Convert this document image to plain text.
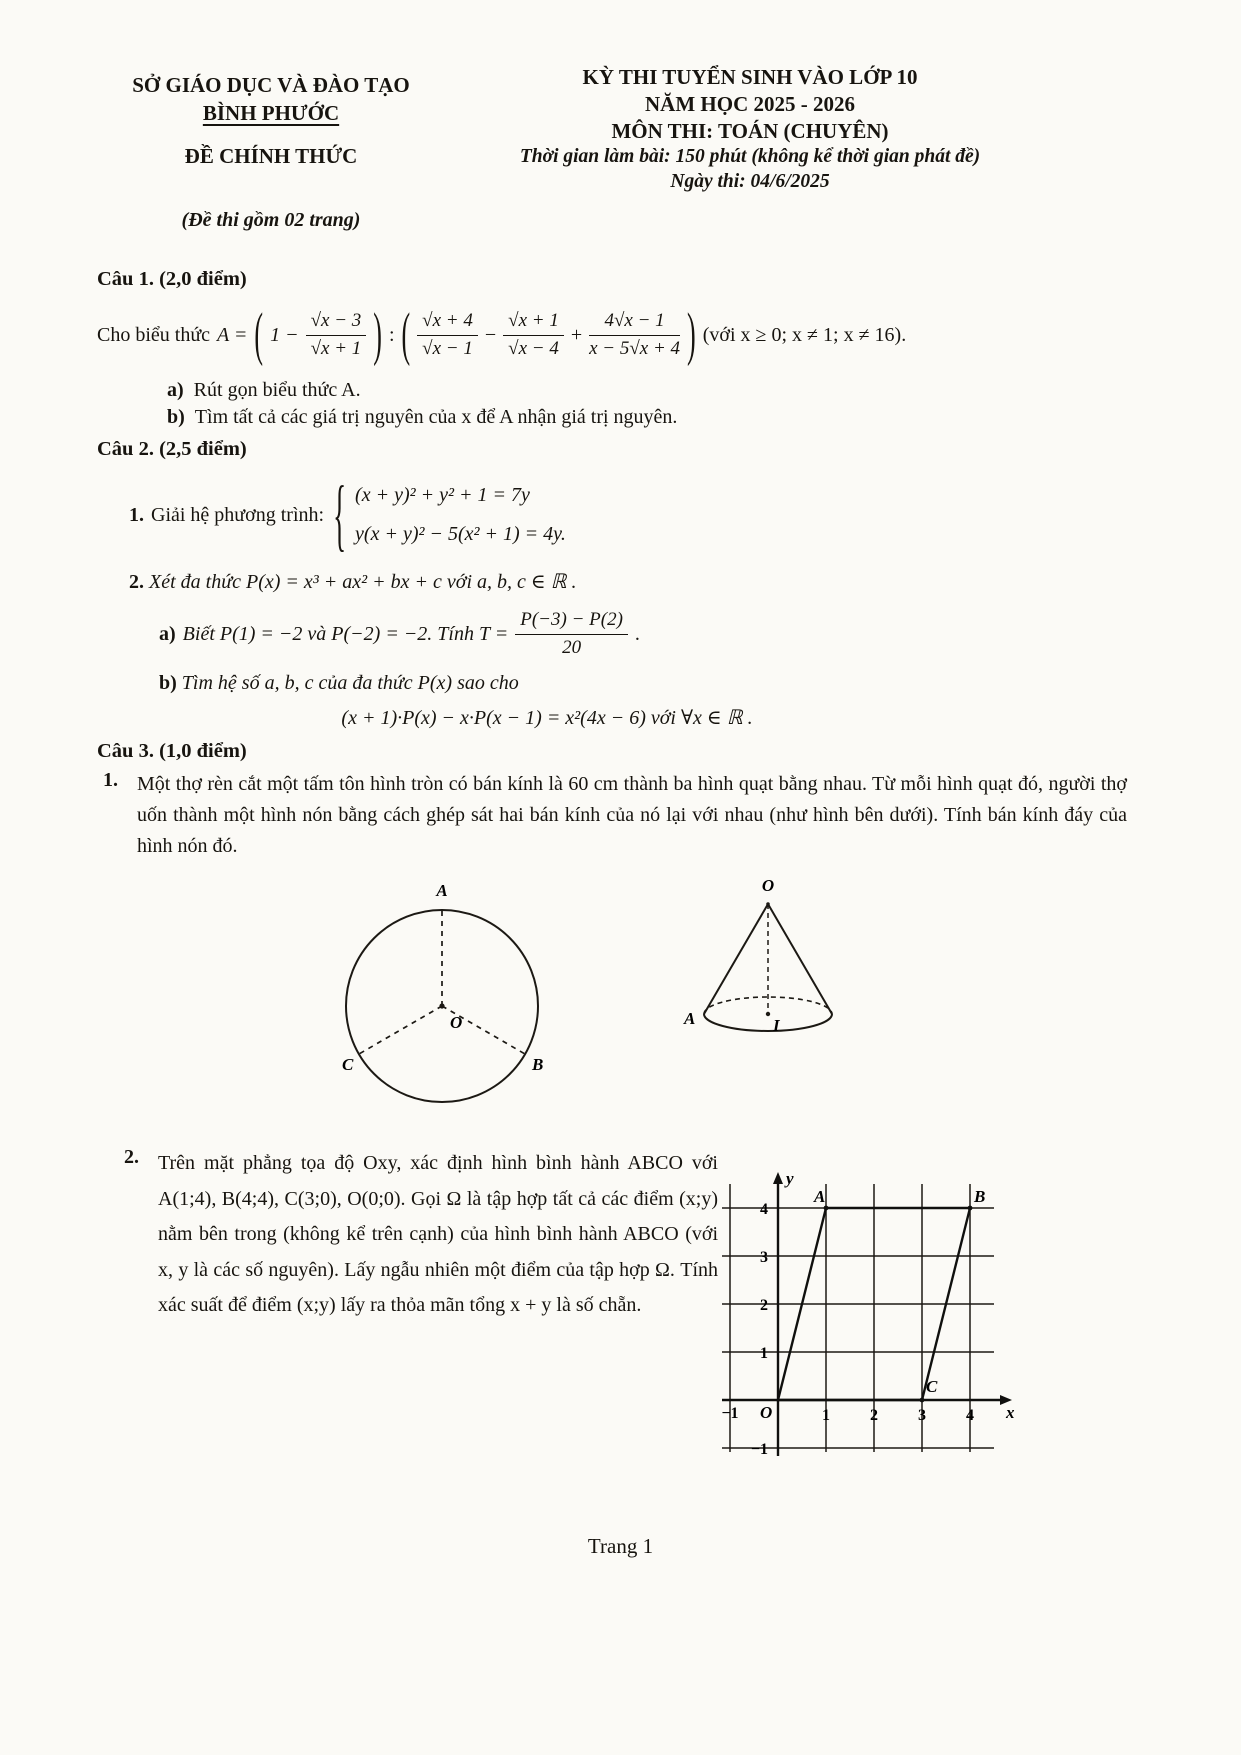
SỞ GIÁO DỤC VÀ ĐÀO TẠO
BÌNH PHƯỚC
ĐỀ CHÍNH THỨC
(Đề thi gồm 02 trang)
KỲ THI TUYỂN SINH VÀO LỚP 10
NĂM HỌC 2025 - 2026
MÔN THI: TOÁN (CHUYÊN)
Thời gian làm bài: 150 phút (không kể thời gian phát đề)
Ngày thi: 04/6/2025
Câu 1. (2,0 điểm)
Cho biểu thức A = ( $1 - \frac{√x - 3}{√x + 1}$ ) : ( $\frac{√x + 4}{√x - 1} - \frac{√x + 1}{√x - 4} + \frac{4√x - 1}{x - 5√x + 4}$ ) (với x ≥ 0; x ≠ 1; x ≠ 16).
a) Rút gọn biểu thức A.
b) Tìm tất cả các giá trị nguyên của x để A nhận giá trị nguyên.
Câu 2. (2,5 điểm)
1. Giải hệ phương trình: { (x + y)² + y² + 1 = 7y
y(x + y)² − 5(x² + 1) = 4y.
2. Xét đa thức P(x) = x³ + ax² + bx + c với a, b, c ∈ ℝ .
a) Biết P(1) = −2 và P(−2) = −2. Tính $T = \frac{P(-3) - P(2)}{20}$ .
b) Tìm hệ số a, b, c của đa thức P(x) sao cho
(x + 1)·P(x) − x·P(x − 1) = x²(4x − 6) với ∀x ∈ ℝ .
Câu 3. (1,0 điểm)
1. Một thợ rèn cắt một tấm tôn hình tròn có bán kính là 60 cm thành ba hình quạt bằng nhau. Từ mỗi hình quạt đó, người thợ uốn thành một hình nón bằng cách ghép sát hai bán kính của nó lại với nhau (như hình bên dưới). Tính bán kính đáy của hình nón đó.
A
O
B
C
O
A	I
2. Trên mặt phẳng tọa độ Oxy, xác định hình bình hành ABCO với A(1;4), B(4;4), C(3;0), O(0;0). Gọi Ω là tập hợp tất cả các điểm (x;y) nằm bên trong (không kể trên cạnh) của hình bình hành ABCO (với x, y là các số nguyên). Lấy ngẫu nhiên một điểm của tập hợp Ω. Tính xác suất để điểm (x;y) lấy ra thỏa mãn tổng x + y là số chẵn.
A	B
C
O
4
3
2
1
1	2	3	4
−1
−1
x
y
Trang 1
